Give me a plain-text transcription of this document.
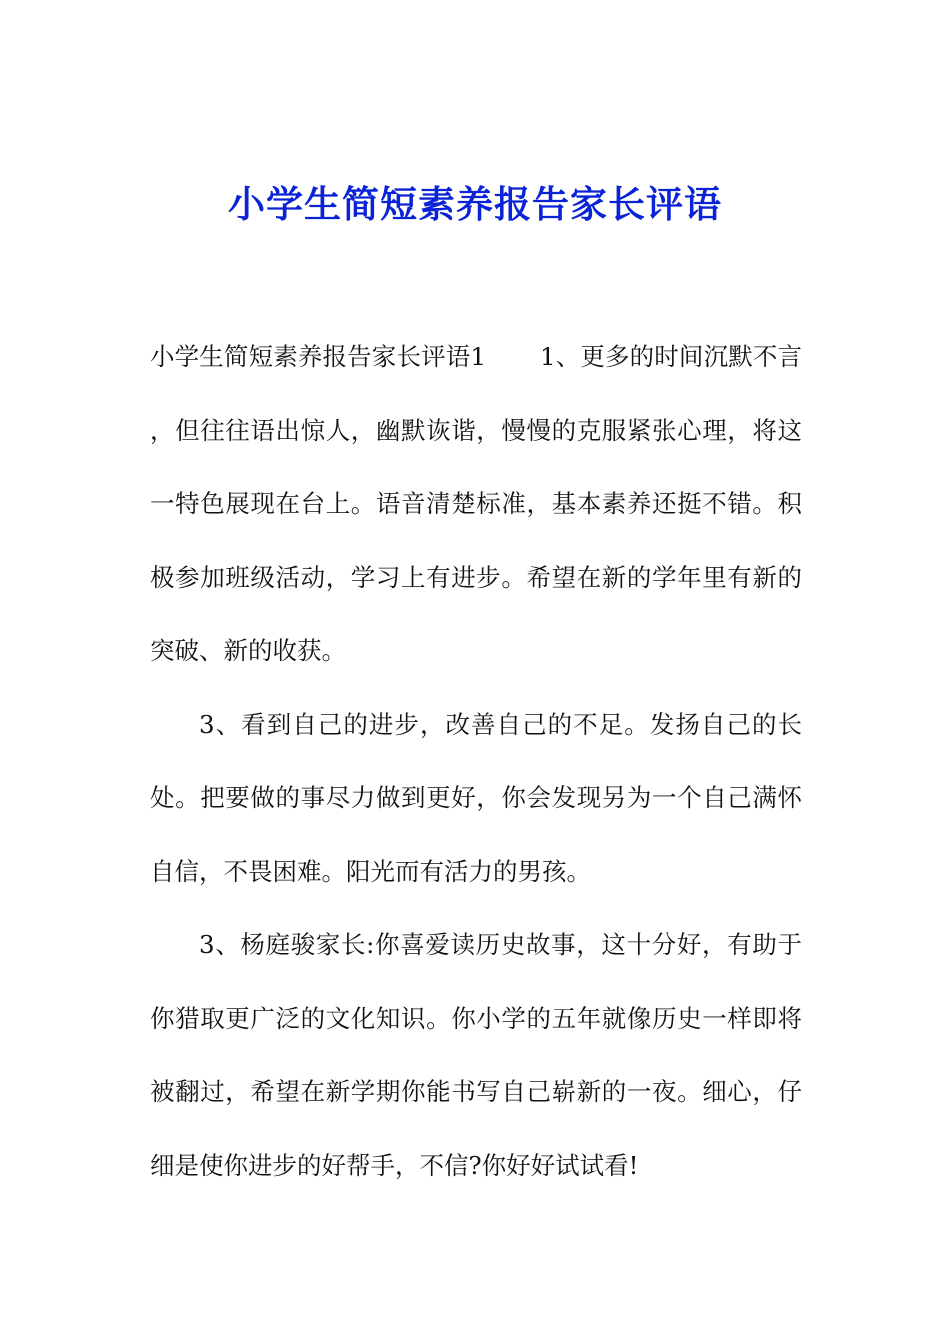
小学生简短素养报告家长评语

小学生简短素养报告家长评语1 1、更多的时间沉默不言，但往往语出惊人，幽默诙谐，慢慢的克服紧张心理，将这一特色展现在台上。语音清楚标准，基本素养还挺不错。积极参加班级活动，学习上有进步。希望在新的学年里有新的突破、新的收获。

3、看到自己的进步，改善自己的不足。发扬自己的长处。把要做的事尽力做到更好，你会发现另为一个自己满怀自信，不畏困难。阳光而有活力的男孩。

3、杨庭骏家长:你喜爱读历史故事，这十分好，有助于你猎取更广泛的文化知识。你小学的五年就像历史一样即将被翻过，希望在新学期你能书写自己崭新的一夜。细心，仔细是使你进步的好帮手，不信?你好好试试看!
